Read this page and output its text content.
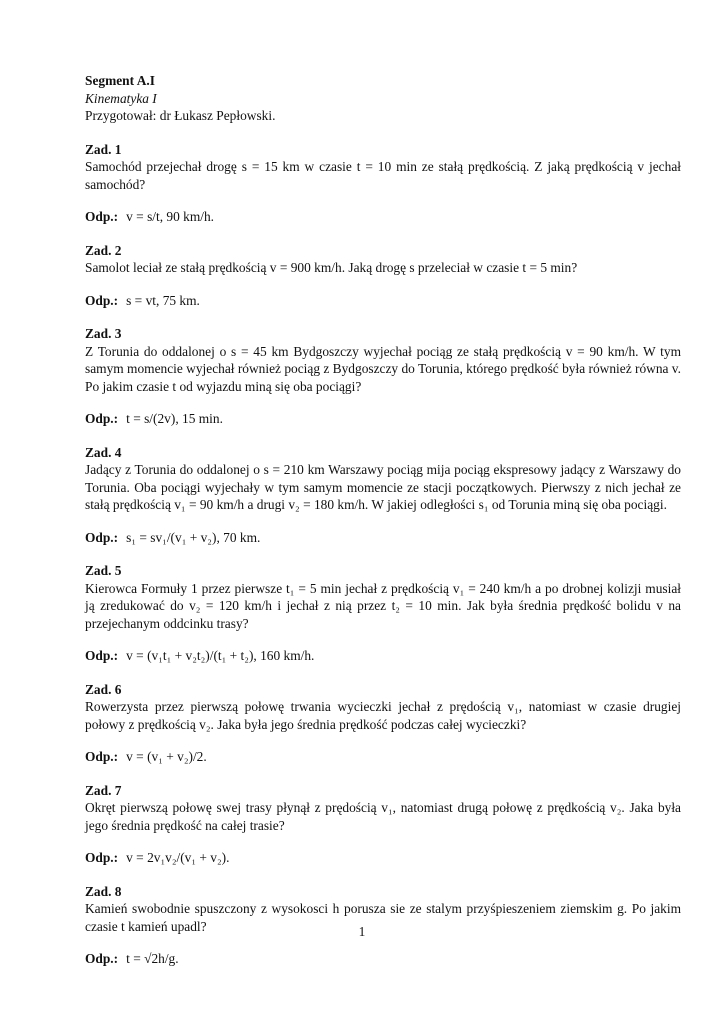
Segment A.I
Kinematyka I
Przygotował: dr Łukasz Pepłowski.
Zad. 1
Samochód przejechał drogę s = 15 km w czasie t = 10 min ze stałą prędkością. Z jaką prędkością v jechał samochód?
Odp.: v = s/t, 90 km/h.
Zad. 2
Samolot leciał ze stałą prędkością v = 900 km/h. Jaką drogę s przeleciał w czasie t = 5 min?
Odp.: s = vt, 75 km.
Zad. 3
Z Torunia do oddalonej o s = 45 km Bydgoszczy wyjechał pociąg ze stałą prędkością v = 90 km/h. W tym samym momencie wyjechał również pociąg z Bydgoszczy do Torunia, którego prędkość była również równa v. Po jakim czasie t od wyjazdu miną się oba pociągi?
Odp.: t = s/(2v), 15 min.
Zad. 4
Jadący z Torunia do oddalonej o s = 210 km Warszawy pociąg mija pociąg ekspresowy jadący z Warszawy do Torunia. Oba pociągi wyjechały w tym samym momencie ze stacji początkowych. Pierwszy z nich jechał ze stałą prędkością v₁ = 90 km/h a drugi v₂ = 180 km/h. W jakiej odległości s₁ od Torunia miną się oba pociągi.
Odp.: s₁ = sv₁/(v₁ + v₂), 70 km.
Zad. 5
Kierowca Formuły 1 przez pierwsze t₁ = 5 min jechał z prędkością v₁ = 240 km/h a po drobnej kolizji musiał ją zredukować do v₂ = 120 km/h i jechał z nią przez t₂ = 10 min. Jak była średnia prędkość bolidu v na przejechanym oddcinku trasy?
Odp.: v = (v₁t₁ + v₂t₂)/(t₁ + t₂), 160 km/h.
Zad. 6
Rowerzysta przez pierwszą połowę trwania wycieczki jechał z prędością v₁, natomiast w czasie drugiej połowy z prędkością v₂. Jaka była jego średnia prędkość podczas całej wycieczki?
Odp.: v = (v₁ + v₂)/2.
Zad. 7
Okręt pierwszą połowę swej trasy płynął z prędością v₁, natomiast drugą połowę z prędkością v₂. Jaka była jego średnia prędkość na całej trasie?
Odp.: v = 2v₁v₂/(v₁ + v₂).
Zad. 8
Kamień swobodnie spuszczony z wysokosci h porusza sie ze stalym przyśpieszeniem ziemskim g. Po jakim czasie t kamień upadl?
Odp.: t = √2h/g.
1
